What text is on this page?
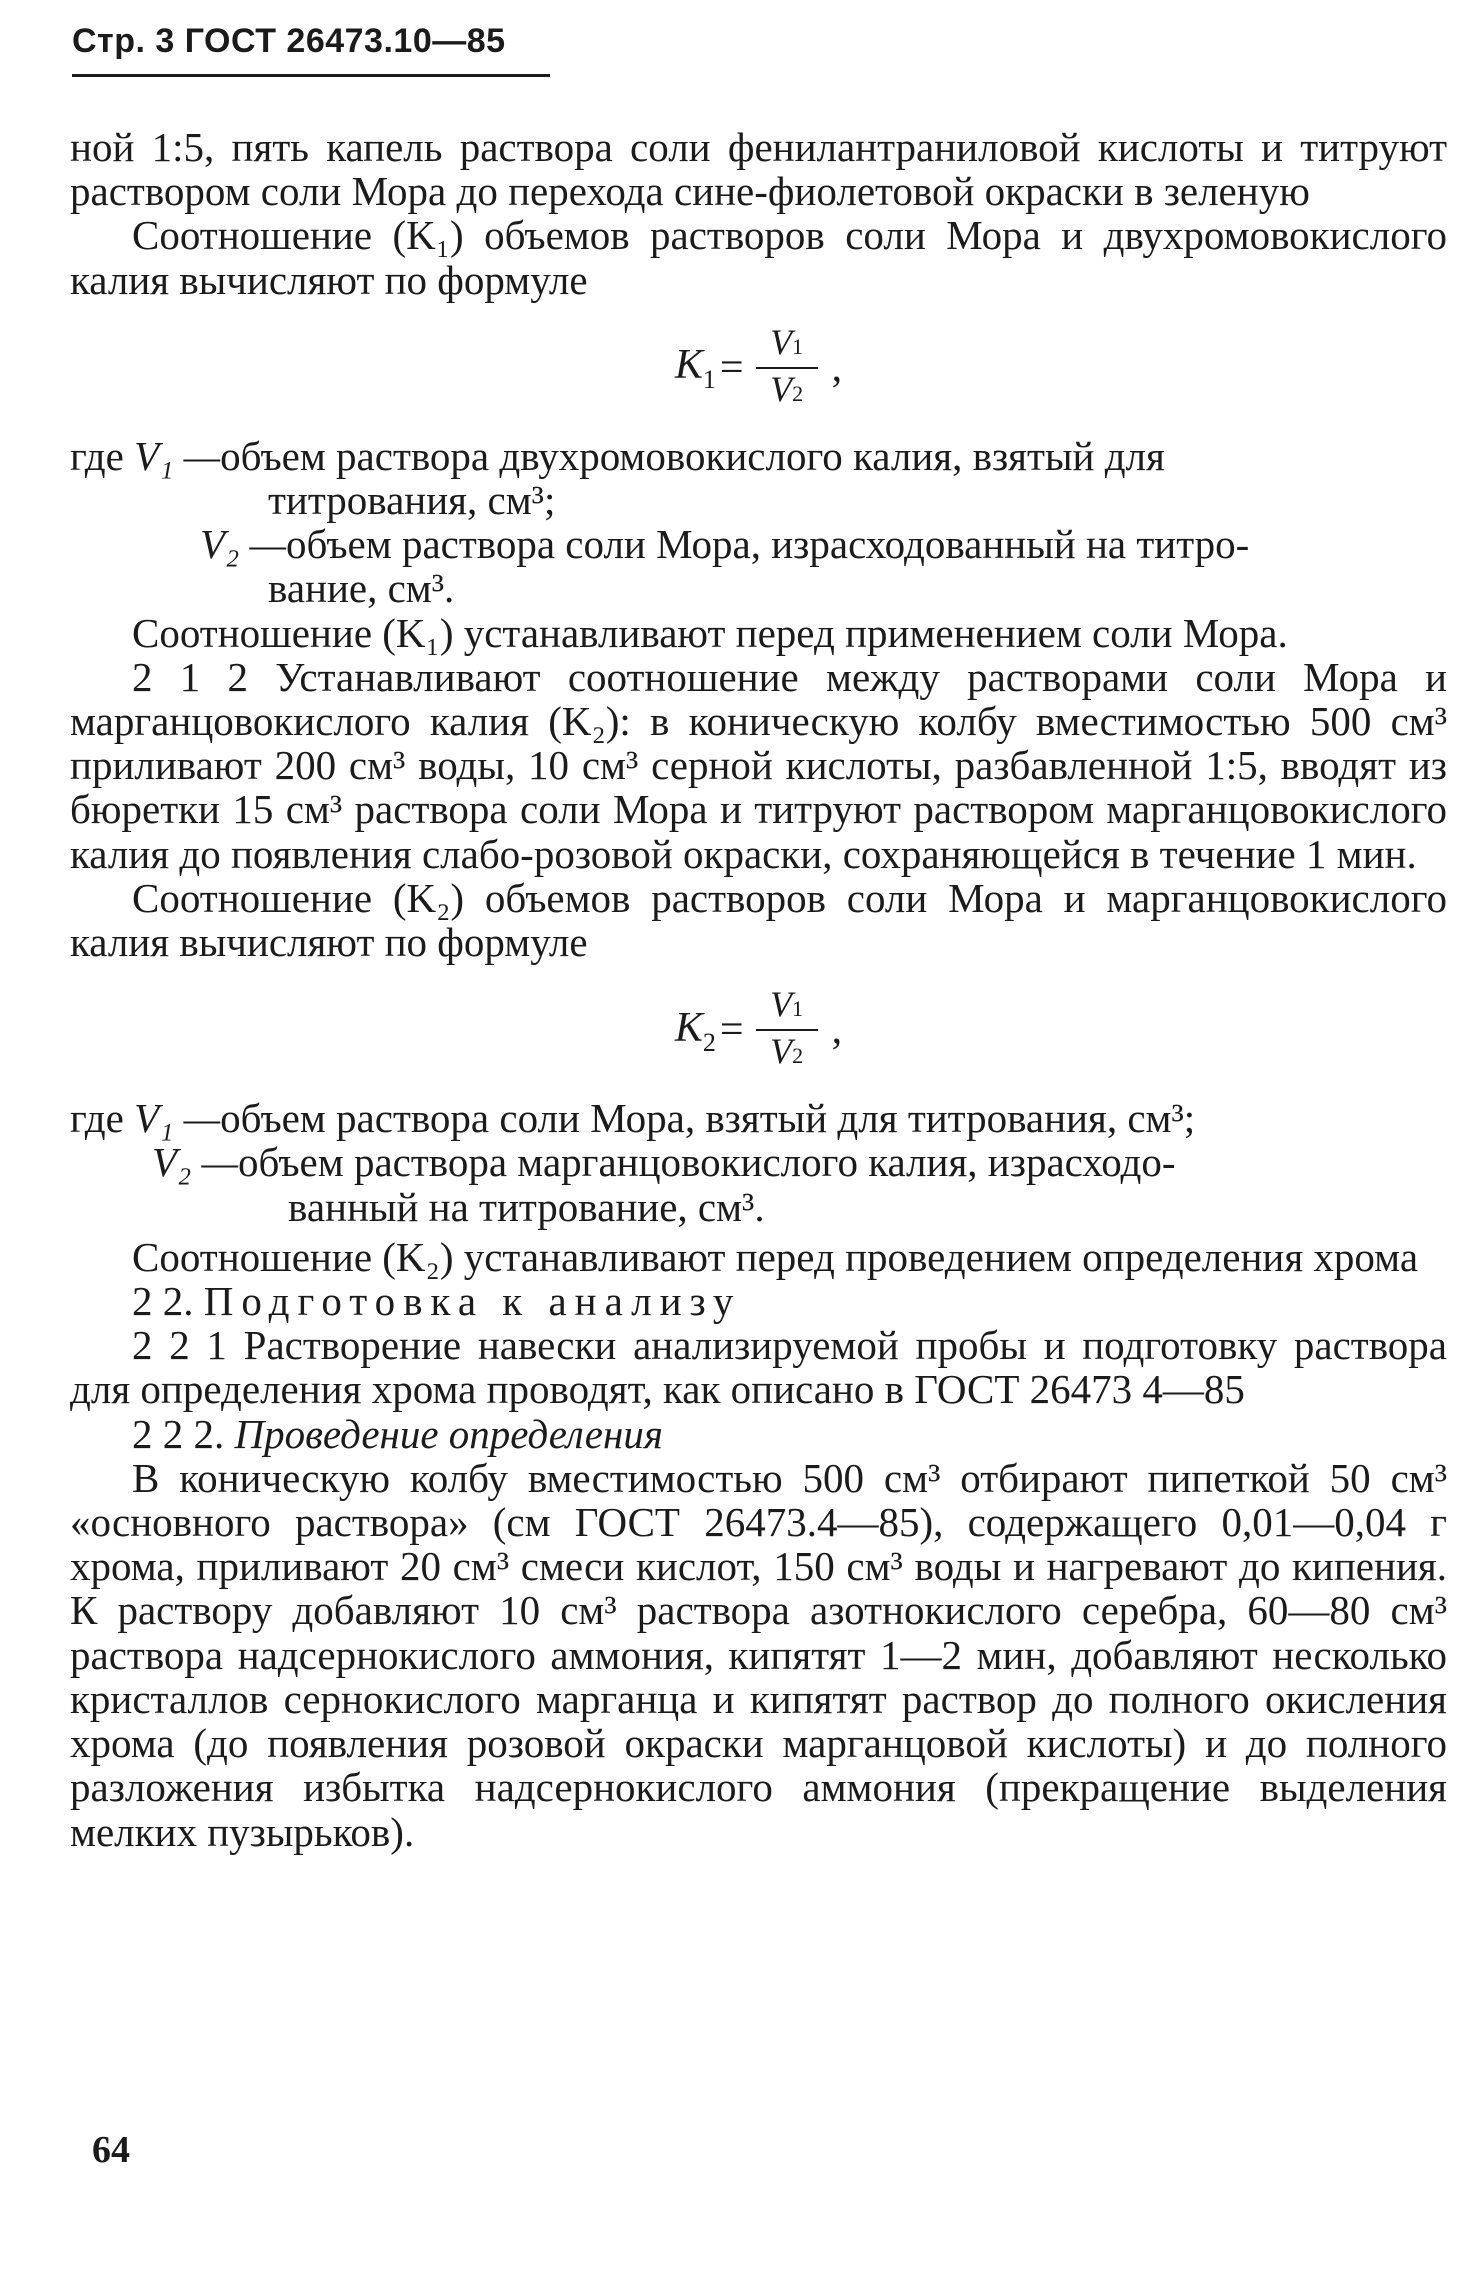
Стр. 3 ГОСТ 26473.10—85

ной 1:5, пять капель раствора соли фенилантраниловой кислоты и титруют раствором соли Мора до перехода сине-фиолетовой окраски в зеленую

Соотношение (K₁) объемов растворов соли Мора и двухромовокислого калия вычисляют по формуле

$K_1 = \frac{V1}{V2}$ ,
где V₁ — объем раствора двухромовокислого калия, взятый для
титрования, см³;
V₂ — объем раствора соли Мора, израсходованный на титро-
вание, см³.

Соотношение (K₁) устанавливают перед применением соли Мора.

2 1 2 Устанавливают соотношение между растворами соли Мора и марганцовокислого калия (K₂): в коническую колбу вместимостью 500 см³ приливают 200 см³ воды, 10 см³ серной кислоты, разбавленной 1:5, вводят из бюретки 15 см³ раствора соли Мора и титруют раствором марганцовокислого калия до появления слабо-розовой окраски, сохраняющейся в течение 1 мин.

Соотношение (K₂) объемов растворов соли Мора и марганцовокислого калия вычисляют по формуле

$K_2 = \frac{V1}{V2}$ ,
где V₁ — объем раствора соли Мора, взятый для титрования, см³;
V₂ — объем раствора марганцовокислого калия, израсходо-
ванный на титрование, см³.

Соотношение (K₂) устанавливают перед проведением определения хрома

2 2. Подготовка к анализу

2 2 1 Растворение навески анализируемой пробы и подготовку раствора для определения хрома проводят, как описано в ГОСТ 26473 4—85

2 2 2. Проведение определения

В коническую колбу вместимостью 500 см³ отбирают пипеткой 50 см³ «основного раствора» (см ГОСТ 26473.4—85), содержащего 0,01—0,04 г хрома, приливают 20 см³ смеси кислот, 150 см³ воды и нагревают до кипения. К раствору добавляют 10 см³ раствора азотнокислого серебра, 60—80 см³ раствора надсернокислого аммония, кипятят 1—2 мин, добавляют несколько кристаллов сернокислого марганца и кипятят раствор до полного окисления хрома (до появления розовой окраски марганцовой кислоты) и до полного разложения избытка надсернокислого аммония (прекращение выделения мелких пузырьков).

64
